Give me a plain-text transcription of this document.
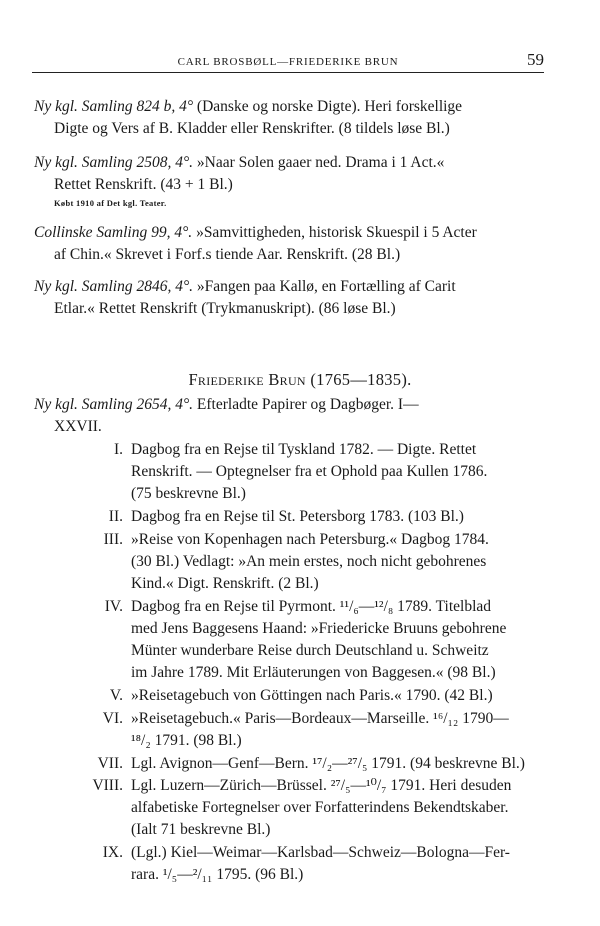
CARL BROSBØLL—FRIEDERIKE BRUN	59
Ny kgl. Samling 824 b, 4° (Danske og norske Digte). Heri forskellige
Digte og Vers af B. Kladder eller Renskrifter. (8 tildels løse Bl.)
Ny kgl. Samling 2508, 4°. »Naar Solen gaaer ned. Drama i 1 Act.«
Rettet Renskrift. (43 + 1 Bl.)
Købt 1910 af Det kgl. Teater.
Collinske Samling 99, 4°. »Samvittigheden, historisk Skuespil i 5 Acter
af Chin.« Skrevet i Forf.s tiende Aar. Renskrift. (28 Bl.)
Ny kgl. Samling 2846, 4°. »Fangen paa Kallø, en Fortælling af Carit
Etlar.« Rettet Renskrift (Trykmanuskript). (86 løse Bl.)
Friederike Brun (1765—1835).
Ny kgl. Samling 2654, 4°. Efterladte Papirer og Dagbøger. I—
XXVII.
I. Dagbog fra en Rejse til Tyskland 1782. — Digte. Rettet
Renskrift. — Optegnelser fra et Ophold paa Kullen 1786.
(75 beskrevne Bl.)
II. Dagbog fra en Rejse til St. Petersborg 1783. (103 Bl.)
III. »Reise von Kopenhagen nach Petersburg.« Dagbog 1784.
(30 Bl.) Vedlagt: »An mein erstes, noch nicht gebohrenes
Kind.« Digt. Renskrift. (2 Bl.)
IV. Dagbog fra en Rejse til Pyrmont. ¹¹/₆—¹²/₈ 1789. Titelblad
med Jens Baggesens Haand: »Friedericke Bruuns gebohrene
Münter wunderbare Reise durch Deutschland u. Schweitz
im Jahre 1789. Mit Erläuterungen von Baggesen.« (98 Bl.)
V. »Reisetagebuch von Göttingen nach Paris.« 1790. (42 Bl.)
VI. »Reisetagebuch.« Paris—Bordeaux—Marseille. ¹⁶/₁₂ 1790—
¹⁸/₂ 1791. (98 Bl.)
VII. Lgl. Avignon—Genf—Bern. ¹⁷/₂—²⁷/₅ 1791. (94 beskrevne Bl.)
VIII. Lgl. Luzern—Zürich—Brüssel. ²⁷/₅—¹⁰/₇ 1791. Heri desuden
alfabetiske Fortegnelser over Forfatterindens Bekendtskaber.
(Ialt 71 beskrevne Bl.)
IX. (Lgl.) Kiel—Weimar—Karlsbad—Schweiz—Bologna—Fer-
rara. ¹/₅—²/₁₁ 1795. (96 Bl.)
